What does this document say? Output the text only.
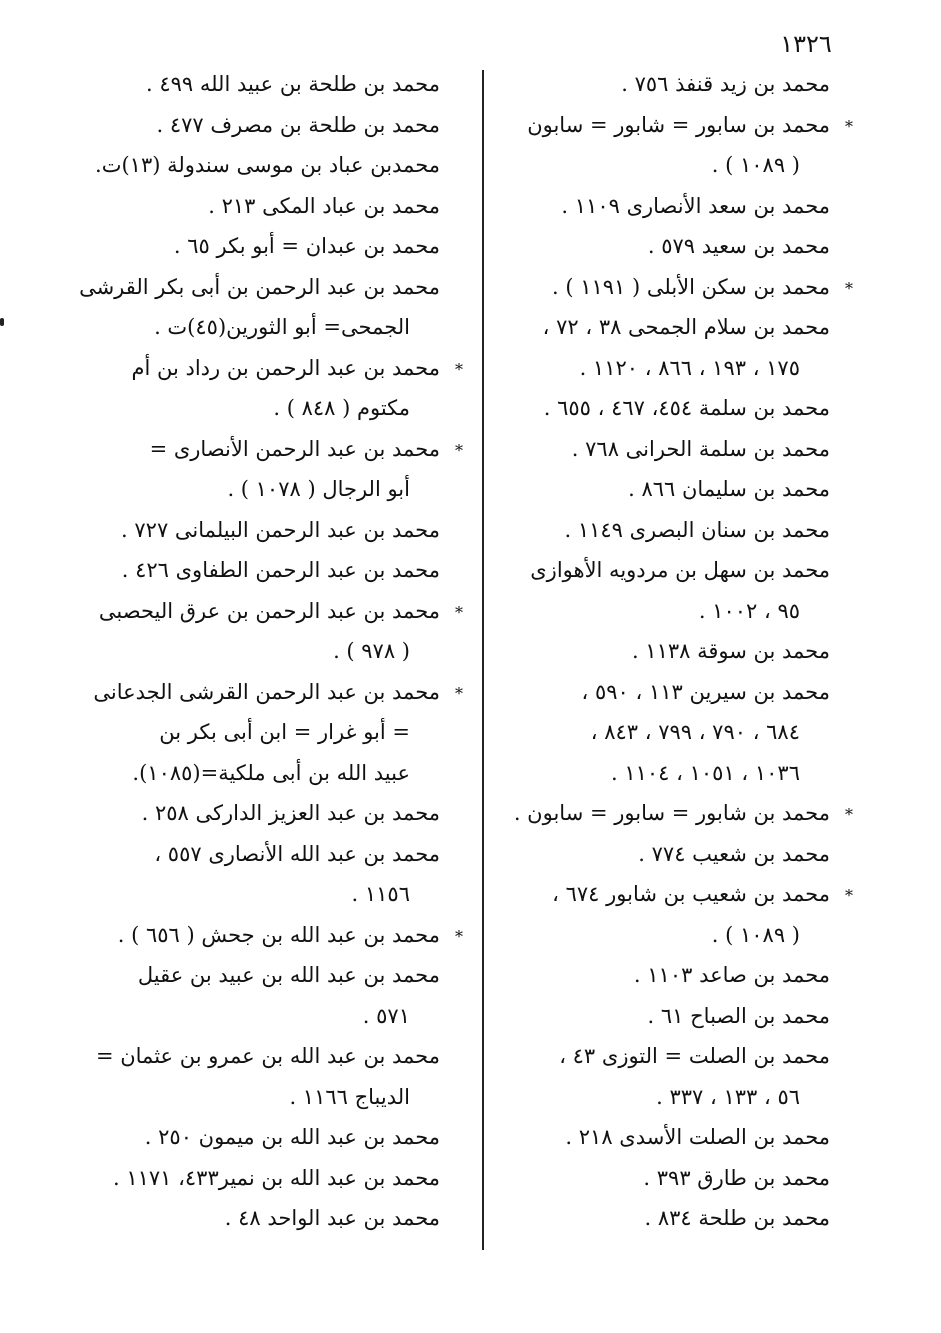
١٣٢٦
محمد بن زيد قنفذ ٧٥٦ .
*
محمد بن سابور = شابور = سابون
( ١٠٨٩ ) .
محمد بن سعد الأنصارى ١١٠٩ .
محمد بن سعيد ٥٧٩ .
*
محمد بن سكن الأبلى ( ١١٩١ ) .
محمد بن سلام الجمحى ٣٨ ، ٧٢ ،
١٧٥ ، ١٩٣ ، ٨٦٦ ، ١١٢٠ .
محمد بن سلمة ٤٥٤، ٤٦٧ ، ٦٥٥ .
محمد بن سلمة الحرانى ٧٦٨ .
محمد بن سليمان ٨٦٦ .
محمد بن سنان البصرى ١١٤٩ .
محمد بن سهل بن مردويه الأهوازى
٩٥ ، ١٠٠٢ .
محمد بن سوقة ١١٣٨ .
محمد بن سيرين ١١٣ ، ٥٩٠ ،
٦٨٤ ، ٧٩٠ ، ٧٩٩ ، ٨٤٣ ،
١٠٣٦ ، ١٠٥١ ، ١١٠٤ .
*
محمد بن شابور = سابور = سابون .
محمد بن شعيب ٧٧٤ .
*
محمد بن شعيب بن شابور ٦٧٤ ،
( ١٠٨٩ ) .
محمد بن صاعد ١١٠٣ .
محمد بن الصباح ٦١ .
محمد بن الصلت = التوزى ٤٣ ،
٥٦ ، ١٣٣ ، ٣٣٧ .
محمد بن الصلت الأسدى ٢١٨ .
محمد بن طارق ٣٩٣ .
محمد بن طلحة ٨٣٤ .
محمد بن طلحة بن عبيد الله ٤٩٩ .
محمد بن طلحة بن مصرف ٤٧٧ .
محمدبن عباد بن موسى سندولة (١٣)ت.
محمد بن عباد المكى ٢١٣ .
محمد بن عبدان = أبو بكر ٦٥ .
محمد بن عبد الرحمن بن أبى بكر القرشى
الجمحى= أبو الثورين(٤٥)ت .
*
محمد بن عبد الرحمن بن رداد بن أم
مكتوم ( ٨٤٨ ) .
*
محمد بن عبد الرحمن الأنصارى =
أبو الرجال ( ١٠٧٨ ) .
محمد بن عبد الرحمن البيلمانى ٧٢٧ .
محمد بن عبد الرحمن الطفاوى ٤٢٦ .
*
محمد بن عبد الرحمن بن عرق اليحصبى
( ٩٧٨ ) .
*
محمد بن عبد الرحمن القرشى الجدعانى
= أبو غرار = ابن أبى بكر بن
عبيد الله بن أبى ملكية=(١٠٨٥).
محمد بن عبد العزيز الداركى ٢٥٨ .
محمد بن عبد الله الأنصارى ٥٥٧ ،
١١٥٦ .
*
محمد بن عبد الله بن جحش ( ٦٥٦ ) .
محمد بن عبد الله بن عبيد بن عقيل
٥٧١ .
محمد بن عبد الله بن عمرو بن عثمان =
الديباج ١١٦٦ .
محمد بن عبد الله بن ميمون ٢٥٠ .
محمد بن عبد الله بن نمير٤٣٣، ١١٧١ .
محمد بن عبد الواحد ٤٨ .
